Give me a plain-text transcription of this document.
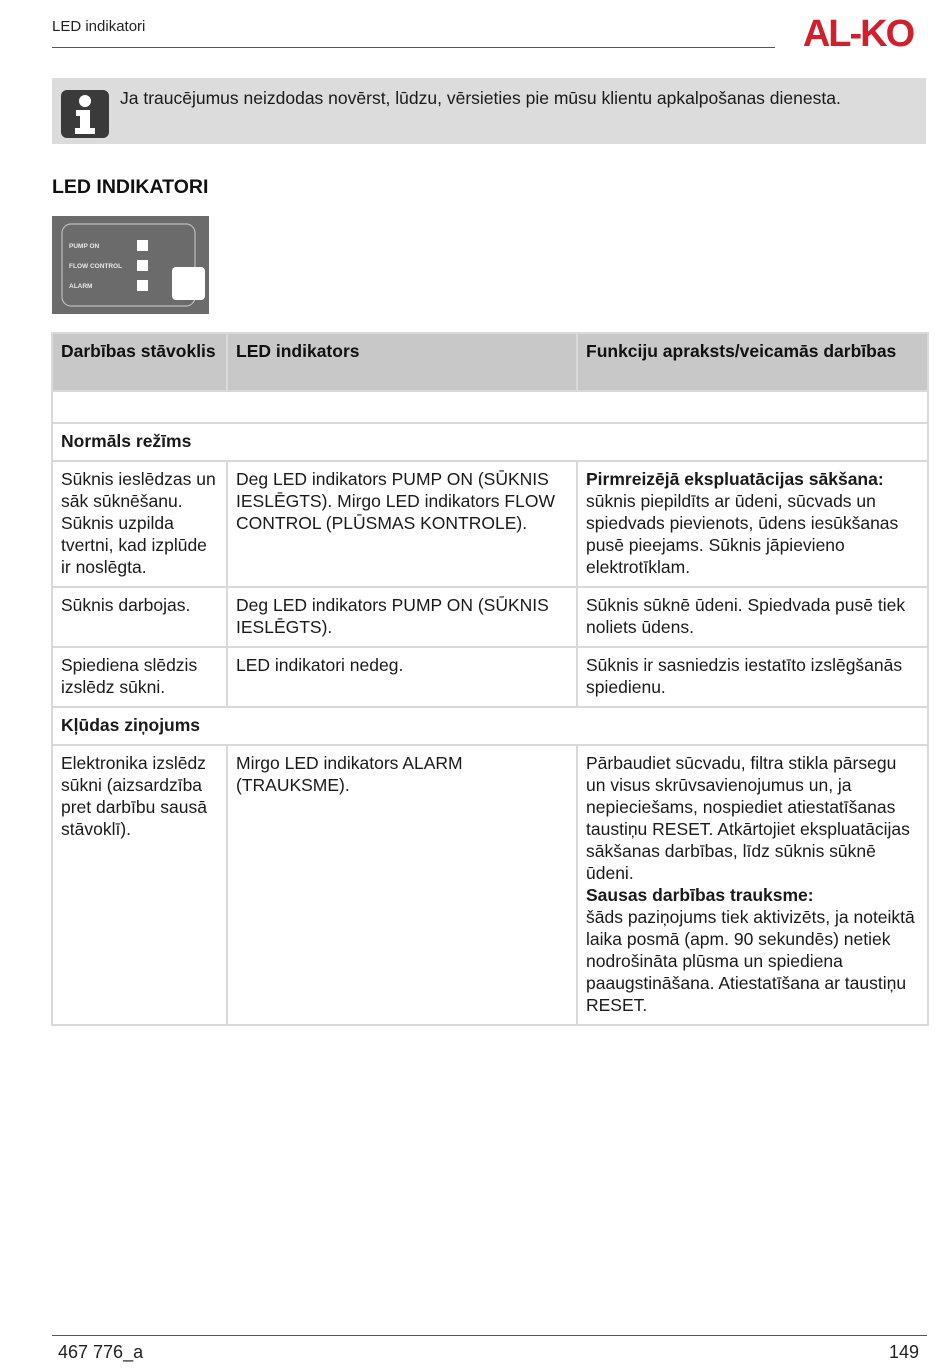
LED indikatori	AL-KO
Ja traucējumus neizdodas novērst, lūdzu, vērsieties pie mūsu klientu apkalpošanas dienesta.
LED INDIKATORI
PUMP ON
FLOW CONTROL
ALARM
Darbības stāvoklis	LED indikators	Funkciju apraksts/veicamās darbības

Normāls režīms		
Sūknis ieslēdzas un sāk sūknēšanu. Sūknis uzpilda tvertni, kad izplūde ir noslēgta.	Deg LED indikators PUMP ON (SŪKNIS IESLĒGTS). Mirgo LED indikators FLOW CONTROL (PLŪSMAS KONTROLE).	Pirmreizējā ekspluatācijas sākšana:
sūknis piepildīts ar ūdeni, sūcvads un spiedvads pievienots, ūdens iesūkšanas pusē pieejams. Sūknis jāpievieno elektrotīklam.
Sūknis darbojas.	Deg LED indikators PUMP ON (SŪKNIS IESLĒGTS).	Sūknis sūknē ūdeni. Spiedvada pusē tiek noliets ūdens.
Spiediena slēdzis izslēdz sūkni.	LED indikatori nedeg.	Sūknis ir sasniedzis iestatīto izslēgšanās spiedienu.
Kļūdas ziņojums		
Elektronika izslēdz sūkni (aizsardzība pret darbību sausā stāvoklī).	Mirgo LED indikators ALARM (TRAUKSME).	Pārbaudiet sūcvadu, filtra stikla pārsegu un visus skrūvsavienojumus un, ja nepieciešams, nospiediet atiestatīšanas taustiņu RESET. Atkārtojiet ekspluatācijas sākšanas darbības, līdz sūknis sūknē ūdeni.
Sausas darbības trauksme:
šāds paziņojums tiek aktivizēts, ja noteiktā laika posmā (apm. 90 sekundēs) netiek nodrošināta plūsma un spiediena paaugstināšana. Atiestatīšana ar taustiņu RESET.
467 776_a	149
